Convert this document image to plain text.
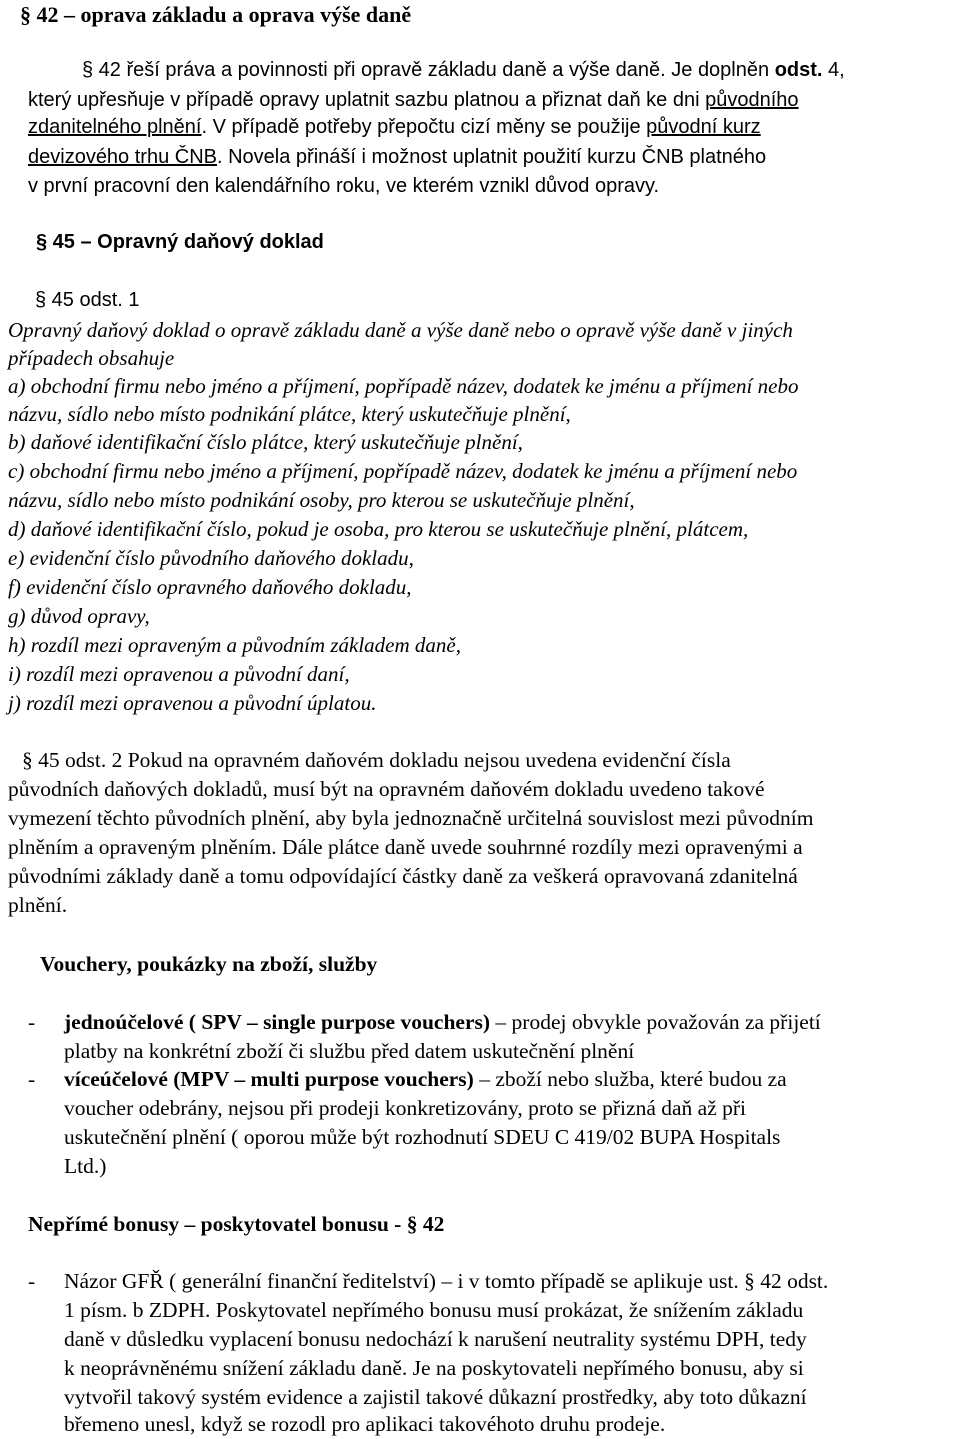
§ 42 – oprava základu a oprava výše daně
§ 42 řeší práva a povinnosti při opravě základu daně a výše daně. Je doplněn odst. 4,
který upřesňuje v případě opravy uplatnit sazbu platnou a přiznat daň ke dni původního
zdanitelného plnění. V případě potřeby přepočtu cizí měny se použije původní kurz
devizového trhu ČNB. Novela přináší i možnost uplatnit použití kurzu ČNB platného
v první pracovní den kalendářního roku, ve kterém vznikl důvod opravy.
§ 45 – Opravný daňový doklad
§ 45 odst. 1
Opravný daňový doklad o opravě základu daně a výše daně nebo o opravě výše daně v jiných
případech obsahuje
a) obchodní firmu nebo jméno a příjmení, popřípadě název, dodatek ke jménu a příjmení nebo
názvu, sídlo nebo místo podnikání plátce, který uskutečňuje plnění,
b) daňové identifikační číslo plátce, který uskutečňuje plnění,
c) obchodní firmu nebo jméno a příjmení, popřípadě název, dodatek ke jménu a příjmení nebo
názvu, sídlo nebo místo podnikání osoby, pro kterou se uskutečňuje plnění,
d) daňové identifikační číslo, pokud je osoba, pro kterou se uskutečňuje plnění, plátcem,
e) evidenční číslo původního daňového dokladu,
f) evidenční číslo opravného daňového dokladu,
g) důvod opravy,
h) rozdíl mezi opraveným a původním základem daně,
i) rozdíl mezi opravenou a původní daní,
j) rozdíl mezi opravenou a původní úplatou.
§ 45 odst. 2 Pokud na opravném daňovém dokladu nejsou uvedena evidenční čísla
původních daňových dokladů, musí být na opravném daňovém dokladu uvedeno takové
vymezení těchto původních plnění, aby byla jednoznačně určitelná souvislost mezi původním
plněním a opraveným plněním. Dále plátce daně uvede souhrnné rozdíly mezi opravenými a
původními základy daně a tomu odpovídající částky daně za veškerá opravovaná zdanitelná
plnění.
Vouchery, poukázky na zboží, služby
- jednoúčelové ( SPV – single purpose vouchers) – prodej obvykle považován za přijetí
platby na konkrétní zboží či službu před datem uskutečnění plnění
- víceúčelové (MPV – multi purpose vouchers) – zboží nebo služba, které budou za
voucher odebrány, nejsou při prodeji konkretizovány, proto se přizná daň až při
uskutečnění plnění ( oporou může být rozhodnutí SDEU C 419/02 BUPA Hospitals
Ltd.)
Nepřímé bonusy – poskytovatel bonusu - § 42
- Názor GFŘ ( generální finanční ředitelství) – i v tomto případě se aplikuje ust. § 42 odst.
1 písm. b ZDPH. Poskytovatel nepřímého bonusu musí prokázat, že snížením základu
daně v důsledku vyplacení bonusu nedochází k narušení neutrality systému DPH, tedy
k neoprávněnému snížení základu daně. Je na poskytovateli nepřímého bonusu, aby si
vytvořil takový systém evidence a zajistil takové důkazní prostředky, aby toto důkazní
břemeno unesl, když se rozodl pro aplikaci takovéhoto druhu prodeje.
